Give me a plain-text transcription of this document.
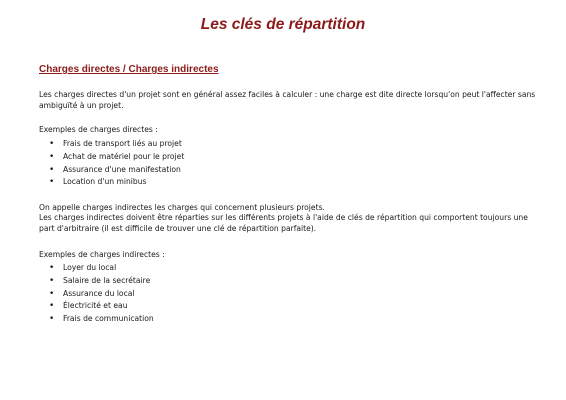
Les clés de répartition
Charges directes / Charges indirectes

Les charges directes d'un projet sont en général assez faciles à calculer : une charge est dite directe lorsqu'on peut l'affecter sans ambiguïté à un projet.

Exemples de charges directes :

• Frais de transport liés au projet
• Achat de matériel pour le projet
• Assurance d'une manifestation
• Location d'un minibus

On appelle charges indirectes les charges qui concernent plusieurs projets.

Les charges indirectes doivent être réparties sur les différents projets à l'aide de clés de répartition qui comportent toujours une part d'arbitraire (il est difficile de trouver une clé de répartition parfaite).

Exemples de charges indirectes :

• Loyer du local
• Salaire de la secrétaire
• Assurance du local
• Électricité et eau
• Frais de communication
